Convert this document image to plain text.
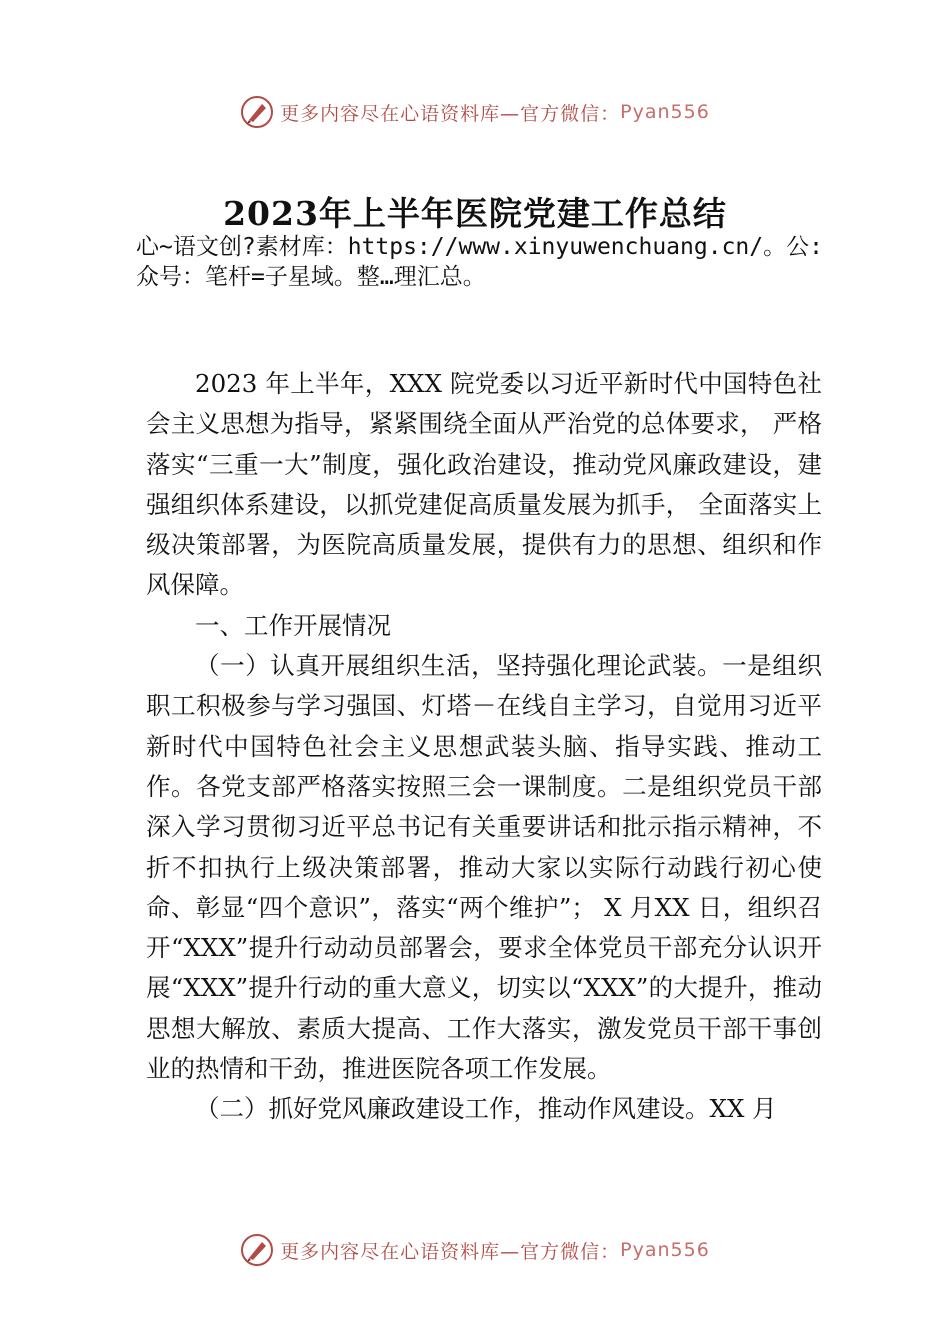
更多内容尽在心语资料库—官方微信： Pyan556
2023年上半年医院党建工作总结
心~语文创?素材库：https://www.xinyuwenchuang.cn/。公:众号：笔杆=子星域。整…理汇总。

2023 年上半年，XXX 院党委以习近平新时代中国特色社会主义思想为指导，紧紧围绕全面从严治党的总体要求， 严格落实“三重一大”制度，强化政治建设，推动党风廉政建设，建强组织体系建设，以抓党建促高质量发展为抓手， 全面落实上级决策部署，为医院高质量发展，提供有力的思想、组织和作风保障。

一、工作开展情况

（一）认真开展组织生活，坚持强化理论武装。一是组织职工积极参与学习强国、灯塔－在线自主学习，自觉用习近平新时代中国特色社会主义思想武装头脑、指导实践、推动工作。各党支部严格落实按照三会一课制度。二是组织党员干部深入学习贯彻习近平总书记有关重要讲话和批示指示精神，不折不扣执行上级决策部署，推动大家以实际行动践行初心使命、彰显“四个意识”，落实“两个维护”； X 月XX 日，组织召开“XXX”提升行动动员部署会，要求全体党员干部充分认识开展“XXX”提升行动的重大意义，切实以“XXX”的大提升，推动思想大解放、素质大提高、工作大落实，激发党员干部干事创业的热情和干劲，推进医院各项工作发展。

（二）抓好党风廉政建设工作，推动作风建设。XX 月

更多内容尽在心语资料库—官方微信： Pyan556
